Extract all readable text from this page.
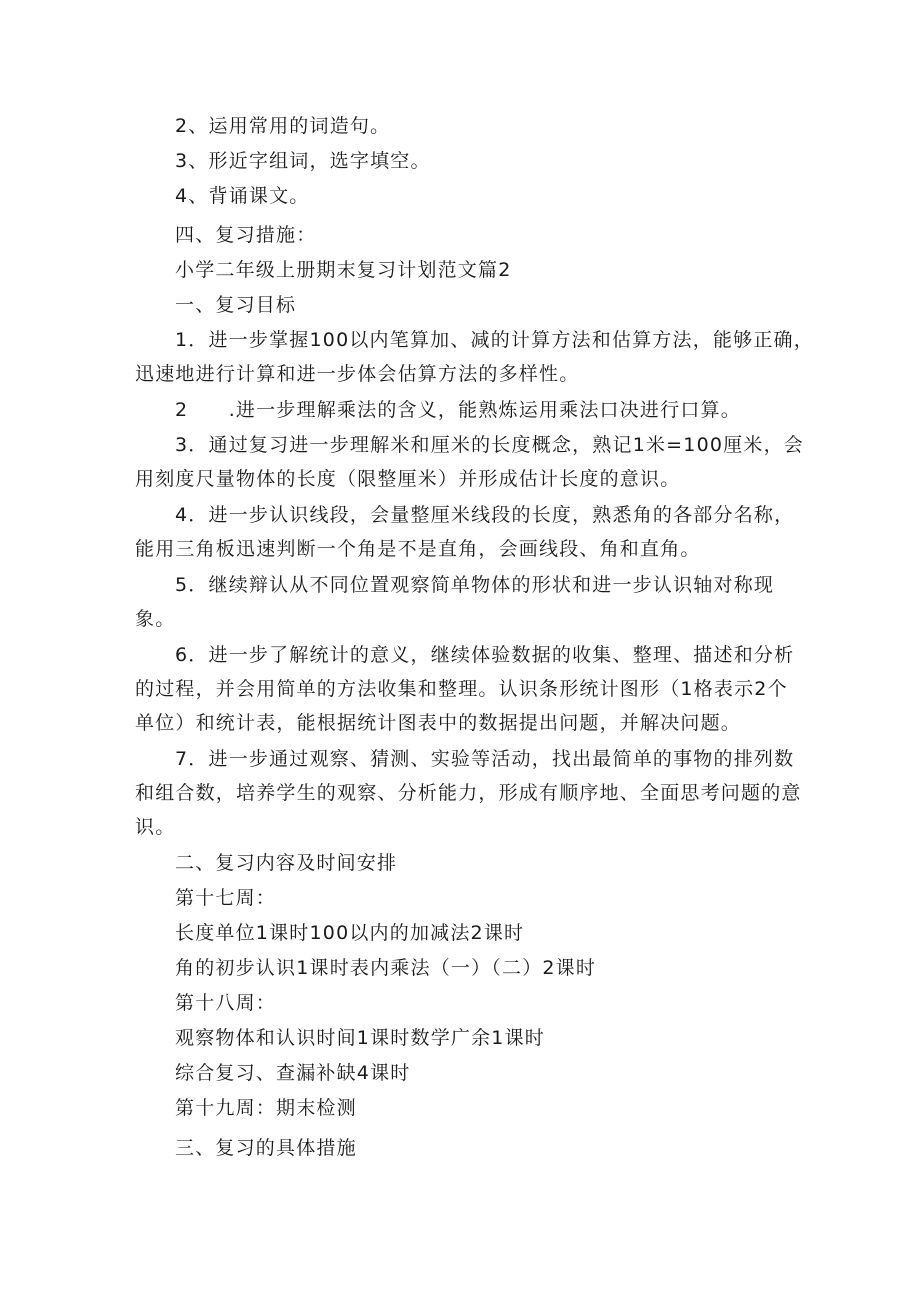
2、运用常用的词造句。
3、形近字组词，选字填空。
4、背诵课文。
四、复习措施：
小学二年级上册期末复习计划范文篇2
一、复习目标
1．进一步掌握100以内笔算加、减的计算方法和估算方法，能够正确，
迅速地进行计算和进一步体会估算方法的多样性。
2　　.进一步理解乘法的含义，能熟炼运用乘法口决进行口算。
3．通过复习进一步理解米和厘米的长度概念，熟记1米=100厘米，会
用刻度尺量物体的长度（限整厘米）并形成估计长度的意识。
4．进一步认识线段，会量整厘米线段的长度，熟悉角的各部分名称，
能用三角板迅速判断一个角是不是直角，会画线段、角和直角。
5．继续辩认从不同位置观察简单物体的形状和进一步认识轴对称现
象。
6．进一步了解统计的意义，继续体验数据的收集、整理、描述和分析
的过程，并会用简单的方法收集和整理。认识条形统计图形（1格表示2个
单位）和统计表，能根据统计图表中的数据提出问题，并解决问题。
7．进一步通过观察、猜测、实验等活动，找出最简单的事物的排列数
和组合数，培养学生的观察、分析能力，形成有顺序地、全面思考问题的意
识。
二、复习内容及时间安排
第十七周：
长度单位1课时100以内的加减法2课时
角的初步认识1课时表内乘法（一）（二）2课时
第十八周：
观察物体和认识时间1课时数学广余1课时
综合复习、查漏补缺4课时
第十九周：期末检测
三、复习的具体措施
